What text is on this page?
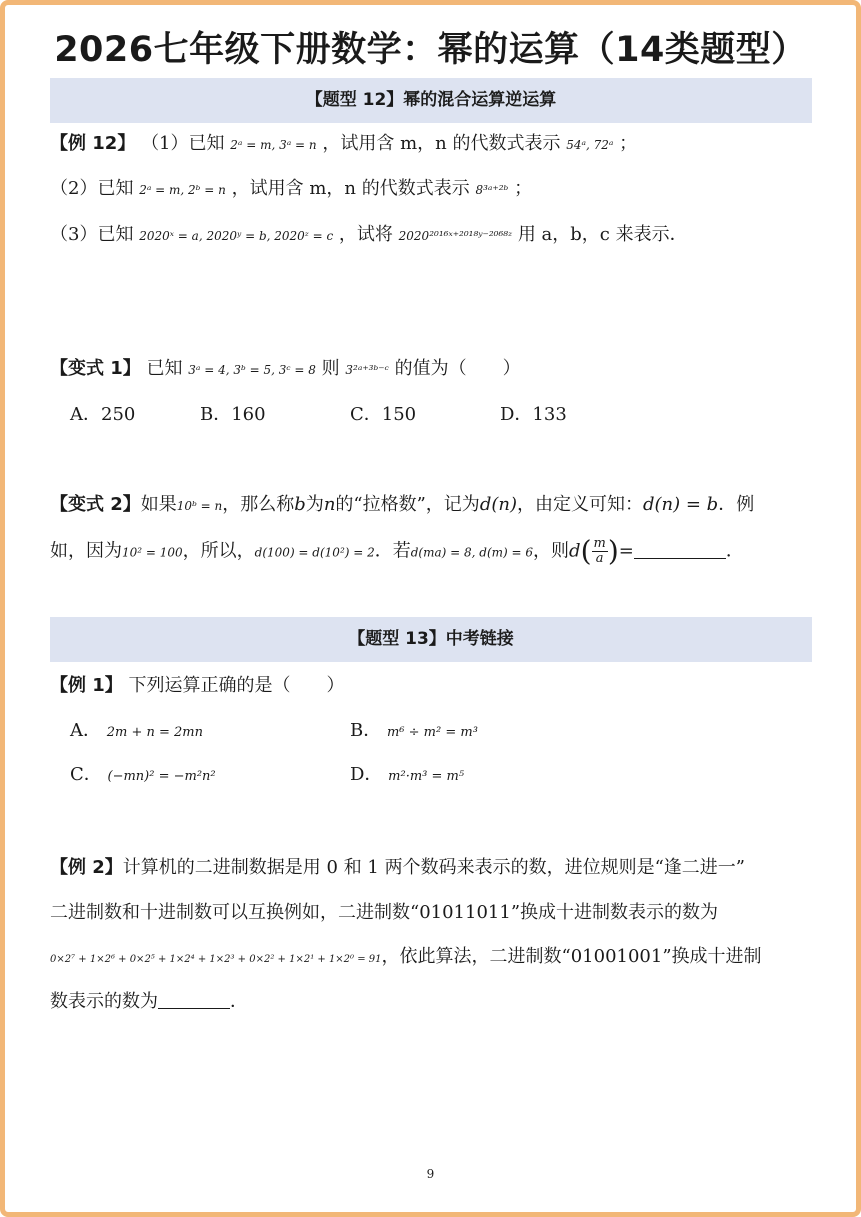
2026七年级下册数学：幂的运算（14类题型）
【题型 12】幂的混合运算逆运算
【例 12】 （1）已知 2ᵃ = m, 3ᵃ = n ，试用含 m，n 的代数式表示 54ᵃ, 72ᵃ ；
（2）已知 2ᵃ = m, 2ᵇ = n ，试用含 m，n 的代数式表示 8³ᵃ⁺²ᵇ ；
（3）已知 2020ˣ = a, 2020ʸ = b, 2020ᶻ = c ，试将 2020²⁰¹⁶ˣ⁺²⁰¹⁸ʸ⁻²⁰⁶⁸ᶻ 用 a，b，c 来表示．
【变式 1】 已知 3ᵃ = 4, 3ᵇ = 5, 3ᶜ = 8 则 3²ᵃ⁺³ᵇ⁻ᶜ 的值为（　　）
A．250	B．160	C．150	D．133
【变式 2】如果10ᵇ = n，那么称b为n的“拉格数”，记为d(n)，由定义可知：d(n) = b．例
如，因为10² = 100，所以，d(100) = d(10²) = 2．若d(ma) = 8, d(m) = 6，则$d( \frac{m}{a}$ )=	．
【题型 13】中考链接
【例 1】 下列运算正确的是（　　）
A． 2m + n = 2mn	B． m⁶ ÷ m² = m³
C． (−mn)² = −m²n²	D． m²·m³ = m⁵
【例 2】计算机的二进制数据是用 0 和 1 两个数码来表示的数，进位规则是“逢二进一”
二进制数和十进制数可以互换例如，二进制数“01011011”换成十进制数表示的数为
0×2⁷ + 1×2⁶ + 0×2⁵ + 1×2⁴ + 1×2³ + 0×2² + 1×2¹ + 1×2⁰ = 91，依此算法，二进制数“01001001”换成十进制
数表示的数为	．
9
